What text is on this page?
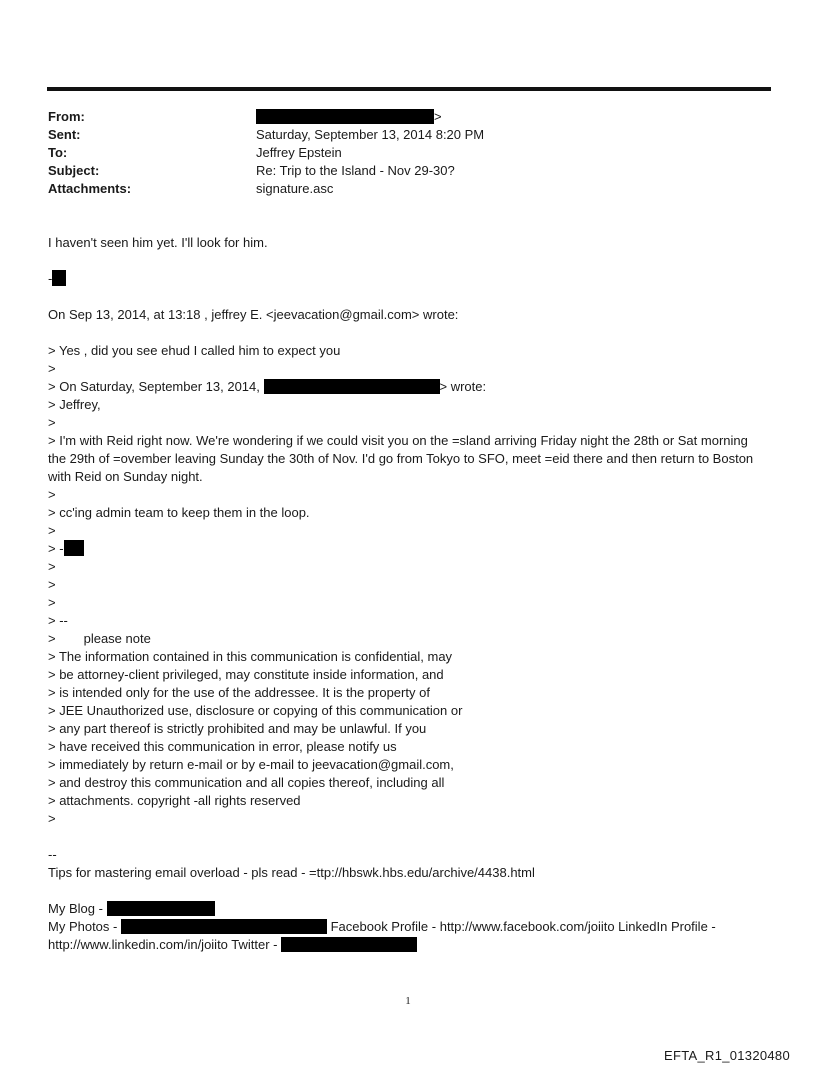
From:	>
Sent:	Saturday, September 13, 2014 8:20 PM
To:	Jeffrey Epstein
Subject:	Re: Trip to the Island - Nov 29-30?
Attachments:	signature.asc
I haven't seen him yet. I'll look for him.
-
On Sep 13, 2014, at 13:18 , jeffrey E. <jeevacation@gmail.com> wrote:
> Yes , did you see ehud I called him to expect you
>
> On Saturday, September 13, 2014,	> wrote:
> Jeffrey,
>
> I'm with Reid right now. We're wondering if we could visit you on the =sland arriving Friday night the 28th or Sat morning the 29th of =ovember leaving Sunday the 30th of Nov. I'd go from Tokyo to SFO, meet =eid there and then return to Boston with Reid on Sunday night.
>
> cc'ing admin team to keep them in the loop.
>
> -
>
>
>
> --
> please note
> The information contained in this communication is confidential, may
> be attorney-client privileged, may constitute inside information, and
> is intended only for the use of the addressee. It is the property of
> JEE Unauthorized use, disclosure or copying of this communication or
> any part thereof is strictly prohibited and may be unlawful. If you
> have received this communication in error, please notify us
> immediately by return e-mail or by e-mail to jeevacation@gmail.com,
> and destroy this communication and all copies thereof, including all
> attachments. copyright -all rights reserved
>
--
Tips for mastering email overload - pls read - =ttp://hbswk.hbs.edu/archive/4438.html
My Blog -
My Photos -	Facebook Profile - http://www.facebook.com/joiito LinkedIn Profile -
http://www.linkedin.com/in/joiito Twitter -
1
EFTA_R1_01320480
